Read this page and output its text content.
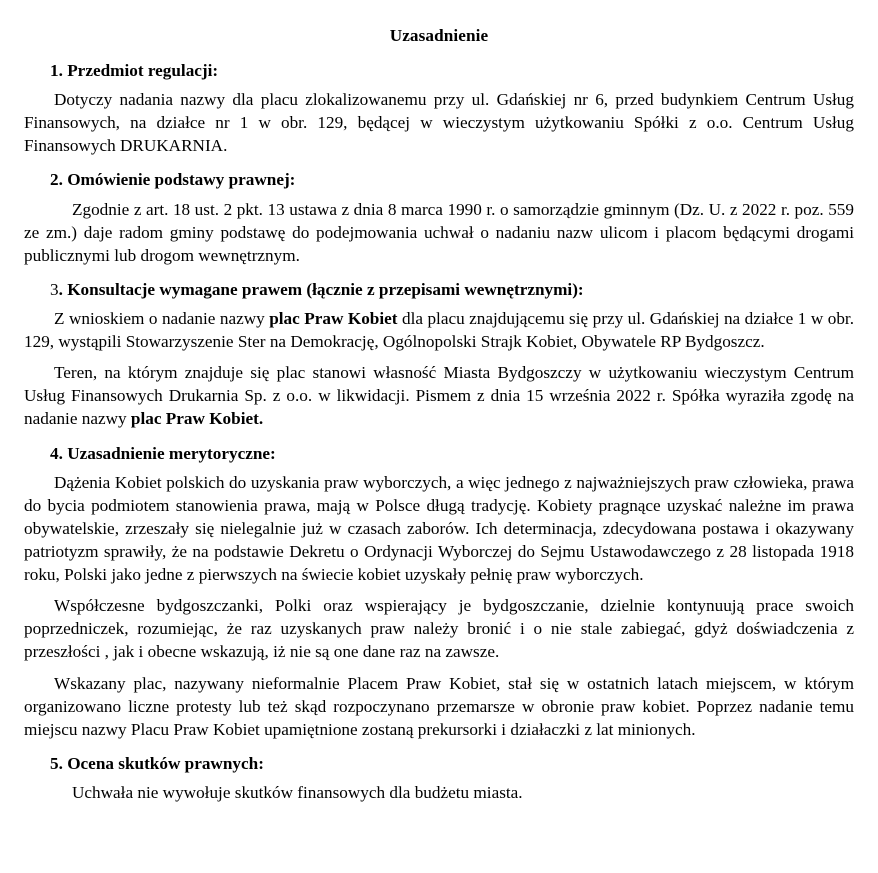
Uzasadnienie
1. Przedmiot regulacji:

Dotyczy nadania nazwy dla placu zlokalizowanemu przy ul. Gdańskiej nr 6, przed budynkiem Centrum Usług Finansowych, na działce nr 1 w obr. 129, będącej w wieczystym użytkowaniu Spółki z o.o. Centrum Usług Finansowych DRUKARNIA.

2. Omówienie podstawy prawnej:

Zgodnie z art. 18 ust. 2 pkt. 13 ustawa z dnia 8 marca 1990 r. o samorządzie gminnym (Dz. U. z 2022 r. poz. 559 ze zm.) daje radom gminy podstawę do podejmowania uchwał o nadaniu nazw ulicom i placom będącymi drogami publicznymi lub drogom wewnętrznym.

3. Konsultacje wymagane prawem (łącznie z przepisami wewnętrznymi):

Z wnioskiem o nadanie nazwy plac Praw Kobiet dla placu znajdującemu się przy ul. Gdańskiej na działce 1 w obr. 129, wystąpili Stowarzyszenie Ster na Demokrację, Ogólnopolski Strajk Kobiet, Obywatele RP Bydgoszcz.

Teren, na którym znajduje się plac stanowi własność Miasta Bydgoszczy w użytkowaniu wieczystym Centrum Usług Finansowych Drukarnia Sp. z o.o. w likwidacji. Pismem z dnia 15 września 2022 r. Spółka wyraziła zgodę na nadanie nazwy plac Praw Kobiet.

4. Uzasadnienie merytoryczne:

Dążenia Kobiet polskich do uzyskania praw wyborczych, a więc jednego z najważniejszych praw człowieka, prawa do bycia podmiotem stanowienia prawa, mają w Polsce długą tradycję. Kobiety pragnące uzyskać należne im prawa obywatelskie, zrzeszały się nielegalnie już w czasach zaborów. Ich determinacja, zdecydowana postawa i okazywany patriotyzm sprawiły, że na podstawie Dekretu o Ordynacji Wyborczej do Sejmu Ustawodawczego z 28 listopada 1918 roku, Polski jako jedne z pierwszych na świecie kobiet uzyskały pełnię praw wyborczych.

Współczesne bydgoszczanki, Polki oraz wspierający je bydgoszczanie, dzielnie kontynuują prace swoich poprzedniczek, rozumiejąc, że raz uzyskanych praw należy bronić i o nie stale zabiegać, gdyż doświadczenia z przeszłości , jak i obecne wskazują, iż nie są one dane raz na zawsze.

Wskazany plac, nazywany nieformalnie Placem Praw Kobiet, stał się w ostatnich latach miejscem, w którym organizowano liczne protesty lub też skąd rozpoczynano przemarsze w obronie praw kobiet. Poprzez nadanie temu miejscu nazwy Placu Praw Kobiet upamiętnione zostaną prekursorki i działaczki z lat minionych.

5. Ocena skutków prawnych:

Uchwała nie wywołuje skutków finansowych dla budżetu miasta.
